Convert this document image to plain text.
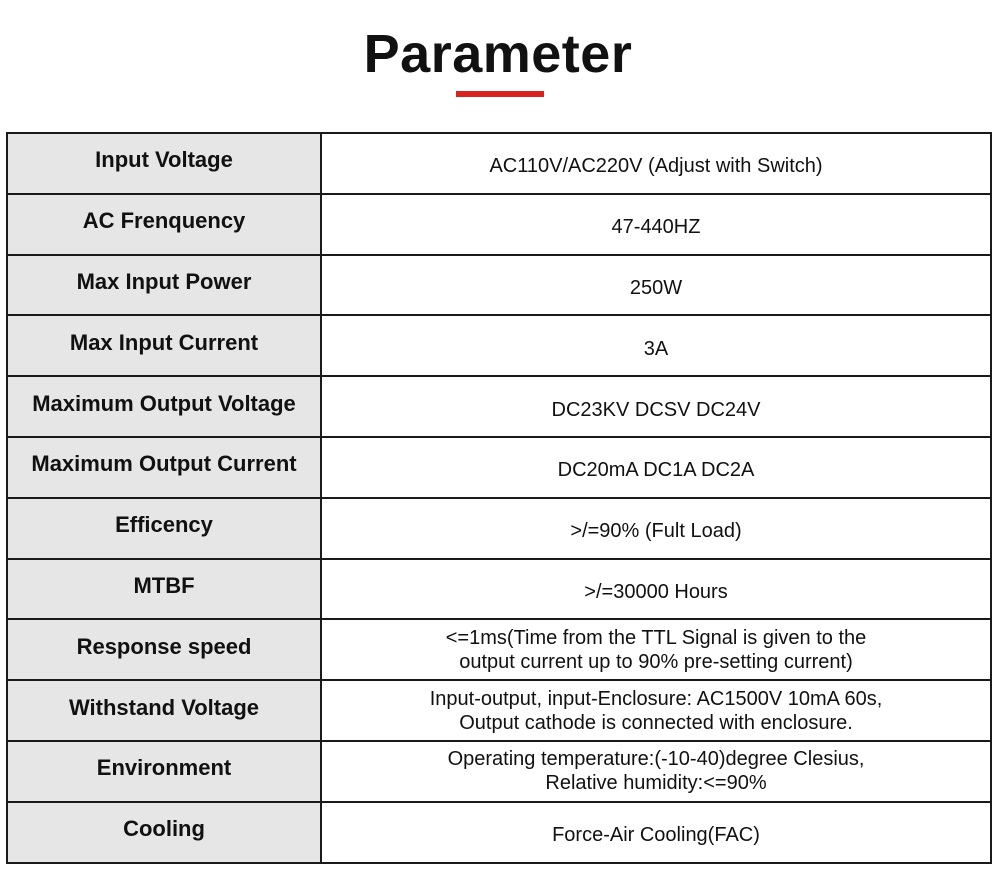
Parameter
Input Voltage	AC110V/AC220V (Adjust with Switch)

AC Frenquency	47-440HZ

Max Input Power	250W

Max Input Current	3A

Maximum Output Voltage	DC23KV DCSV DC24V

Maximum Output Current	DC20mA DC1A DC2A

Efficency	>/=90% (Fult Load)

MTBF	>/=30000 Hours

Response speed	<=1ms(Time from the TTL Signal is given to the
output current up to 90% pre-setting current)

Withstand Voltage	Input-output, input-Enclosure: AC1500V 10mA 60s,
Output cathode is connected with enclosure.

Environment	Operating temperature:(-10-40)degree Clesius,
Relative humidity:<=90%

Cooling	Force-Air Cooling(FAC)
